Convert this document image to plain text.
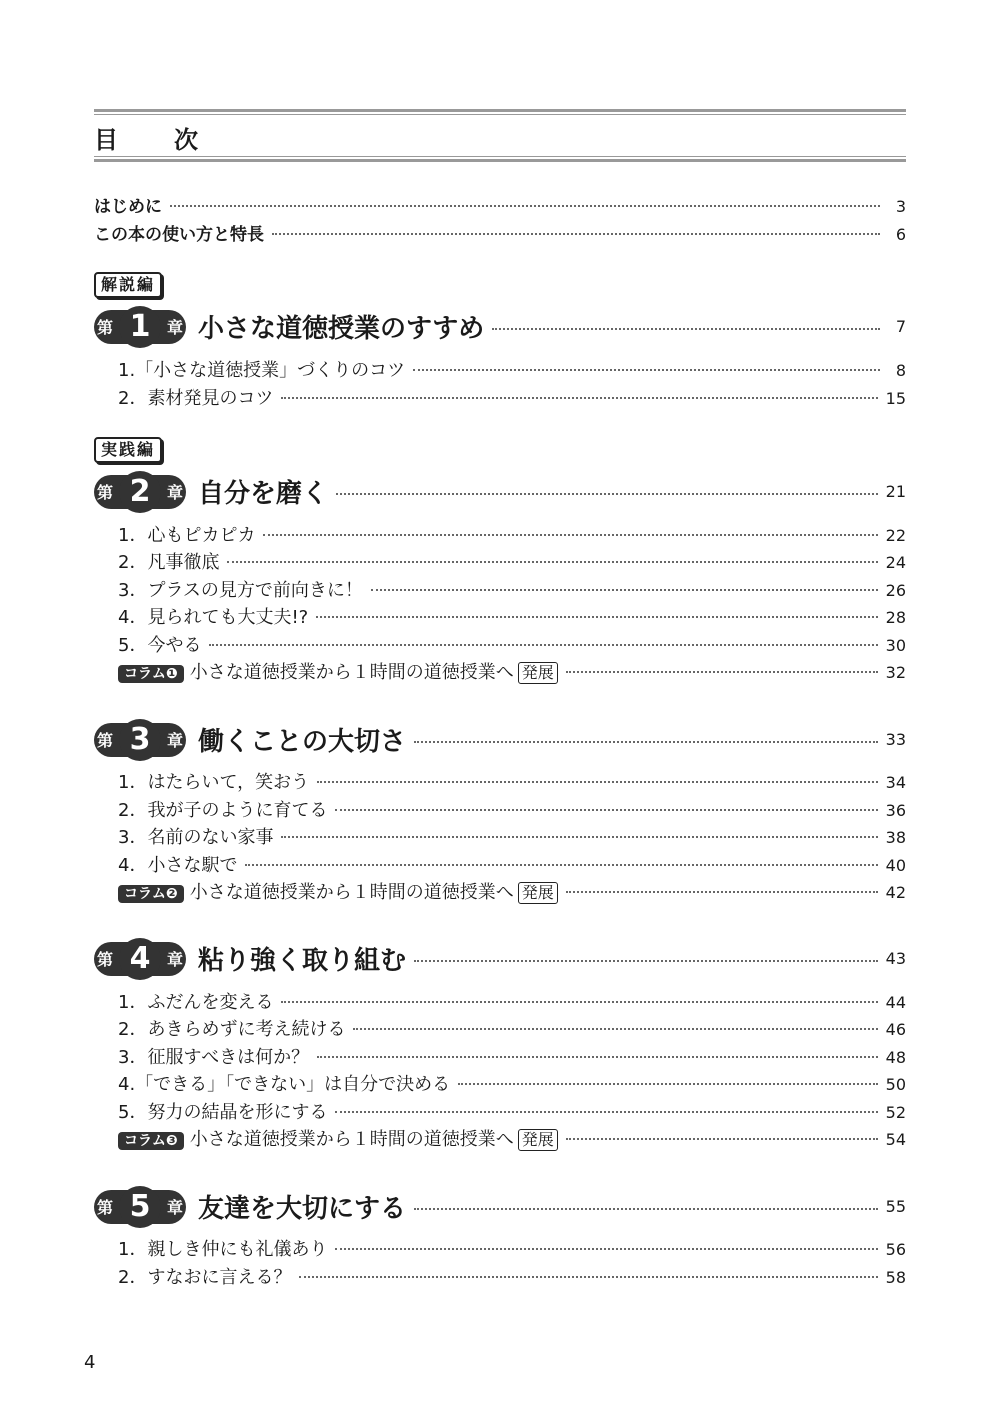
目　次
はじめに	3
この本の使い方と特長	6
解説編
第 1	章 小さな道徳授業のすすめ	7
1.「小さな道徳授業」づくりのコツ	8
2．素材発見のコツ	15
実践編
第 2	章 自分を磨く	21
1．心もピカピカ	22
2．凡事徹底	24
3．プラスの見方で前向きに！	26
4．見られても大丈夫!?	28
5．今やる	30
コラム❶ 小さな道徳授業から１時間の道徳授業へ 発展	32
第 3	章 働くことの大切さ	33
1．はたらいて，笑おう	34
2．我が子のように育てる	36
3．名前のない家事	38
4．小さな駅で	40
コラム❷ 小さな道徳授業から１時間の道徳授業へ 発展	42
第 4	章 粘り強く取り組む	43
1．ふだんを変える	44
2．あきらめずに考え続ける	46
3．征服すべきは何か？	48
4.「できる」「できない」は自分で決める	50
5．努力の結晶を形にする	52
コラム❸ 小さな道徳授業から１時間の道徳授業へ 発展	54
第 5	章 友達を大切にする	55
1．親しき仲にも礼儀あり	56
2．すなおに言える？	58
4
